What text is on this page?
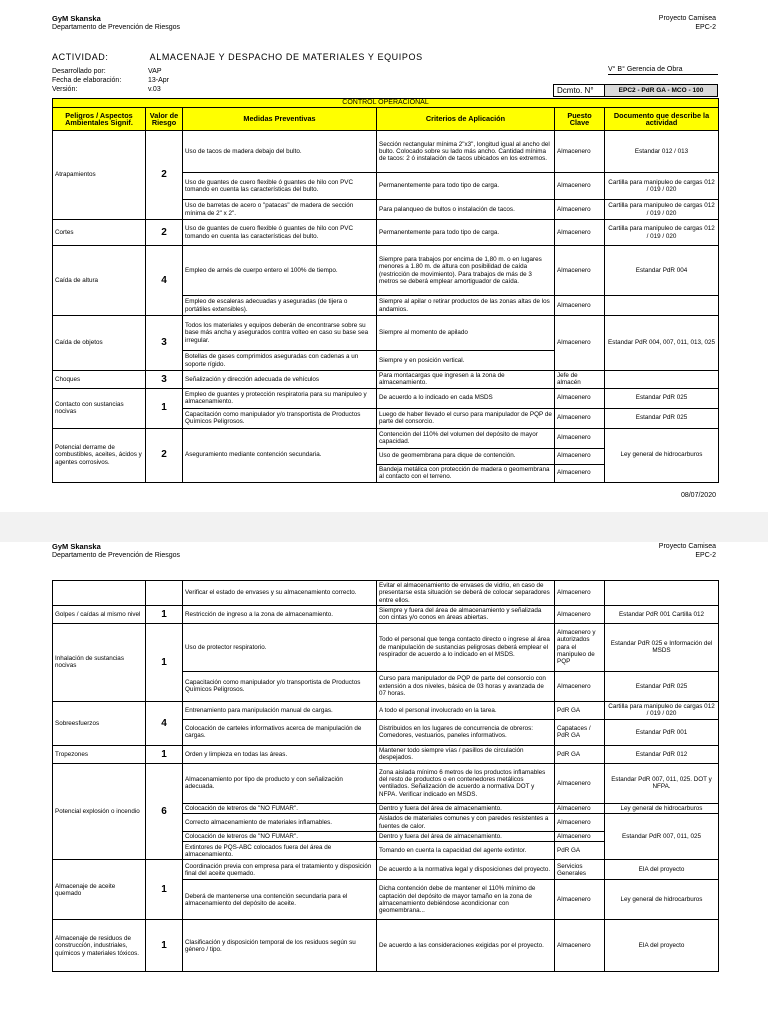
GyM Skanska
Departamento de Prevención de Riesgos
Proyecto Camisea
EPC-2
ACTIVIDAD:	ALMACENAJE Y DESPACHO DE MATERIALES Y EQUIPOS
Desarrollado por:	VAP
Fecha de elaboración:	13-Apr
Versión:	v.03
V° B° Gerencia de Obra
Dcmto. N°	EPC2 - PdR GA - MCO - 100
CONTROL OPERACIONAL					
Peligros / Aspectos Ambientales Signif.	Valor de Riesgo	Medidas Preventivas	Criterios de Aplicación	Puesto Clave	Documento que describe la actividad
Atrapamientos	2	Uso de tacos de madera debajo del bulto.	Sección rectangular mínima 2"x3", longitud igual al ancho del bulto. Colocado sobre su lado más ancho. Cantidad mínima de tacos: 2 ó instalación de tacos ubicados en los extremos.	Almacenero	Estandar 012 / 013
		Uso de guantes de cuero flexible ó guantes de hilo con PVC tomando en cuenta las características del bulto.	Permanentemente para todo tipo de carga.	Almacenero	Cartilla para manipuleo de cargas 012 / 019 / 020
		Uso de barretas de acero o "patacas" de madera de sección mínima de 2" x 2".	Para palanqueo de bultos o instalación de tacos.	Almacenero	Cartilla para manipuleo de cargas 012 / 019 / 020
Cortes	2	Uso de guantes de cuero flexible ó guantes de hilo con PVC tomando en cuenta las características del bulto.	Permanentemente para todo tipo de carga.	Almacenero	Cartilla para manipuleo de cargas 012 / 019 / 020
Caída de altura	4	Empleo de arnés de cuerpo entero el 100% de tiempo.	Siempre para trabajos por encima de 1,80 m. o en lugares menores a 1.80 m. de altura con posibilidad de caída (restricción de movimiento). Para trabajos de más de 3 metros se deberá emplear amortiguador de caída.	Almacenero	Estandar PdR 004
		Empleo de escaleras adecuadas y aseguradas (de tijera o portátiles extensibles).	Siempre al apilar o retirar productos de las zonas altas de los andamios.	Almacenero	
Caída de objetos	3	Todos los materiales y equipos deberán de encontrarse sobre su base más ancha y asegurados contra volteo en caso su base sea irregular.	Siempre al momento de apilado	Almacenero	Estandar PdR 004, 007, 011, 013, 025
		Botellas de gases comprimidos aseguradas con cadenas a un soporte rígido.	Siempre y en posición vertical.		
Choques	3	Señalización y dirección adecuada de vehículos	Para montacargas que ingresen a la zona de almacenamiento.	Jefe de almacén	
Contacto con sustancias nocivas	1	Empleo de guantes y protección respiratoria para su manipuleo y almacenamiento.	De acuerdo a lo indicado en cada MSDS	Almacenero	Estandar PdR 025
		Capacitación como manipulador y/o transportista de Productos Químicos Peligrosos.	Luego de haber llevado el curso para manipulador de PQP de parte del consorcio.	Almacenero	Estandar PdR 025
Potencial derrame de combustibles, aceites, ácidos y agentes corrosivos.	2	Aseguramiento mediante contención secundaria.	Contención del 110% del volumen del depósito de mayor capacidad.	Almacenero	Ley general de hidrocarburos
			Uso de geomembrana para dique de contención.	Almacenero	
			Bandeja metálica con protección de madera o geomembrana al contacto con el terreno.	Almacenero	
08/07/2020
GyM Skanska
Departamento de Prevención de Riesgos
Proyecto Camisea
EPC-2
		Verificar el estado de envases y su almacenamiento correcto.	Evitar el almacenamiento de envases de vidrio, en caso de presentarse esta situación se deberá de colocar separadores entre ellos.	Almacenero	
Golpes / caídas al mismo nivel	1	Restricción de ingreso a la zona de almacenamiento.	Siempre y fuera del área de almacenamiento y señalizada con cintas y/o conos en áreas abiertas.	Almacenero	Estandar PdR 001 Cartilla 012
Inhalación de sustancias nocivas	1	Uso de protector respiratorio.	Todo el personal que tenga contacto directo o ingrese al área de manipulación de sustancias peligrosas deberá emplear el respirador de acuerdo a lo indicado en el MSDS.	Almacenero y autorizados para el manipuleo de PQP	Estandar PdR 025 e Información del MSDS
		Capacitación como manipulador y/o transportista de Productos Químicos Peligrosos.	Curso para manipulador de PQP de parte del consorcio con extensión a dos niveles, básica de 03 horas y avanzada de 07 horas.	Almacenero	Estandar PdR 025
Sobreesfuerzos	4	Entrenamiento para manipulación manual de cargas.	A todo el personal involucrado en la tarea.	PdR GA	Cartilla para manipuleo de cargas 012 / 019 / 020
		Colocación de carteles informativos acerca de manipulación de cargas.	Distribuidos en los lugares de concurrencia de obreros: Comedores, vestuarios, paneles informativos.	Capataces / PdR GA	Estandar PdR 001
Tropezones	1	Orden y limpieza en todas las áreas.	Mantener todo siempre vías / pasillos de circulación despejados.	PdR GA	Estandar PdR 012
Potencial explosión o incendio	6	Almacenamiento por tipo de producto y con señalización adecuada.	Zona aislada mínimo 6 metros de los productos inflamables del resto de productos o en contenedores metálicos ventilados. Señalización de acuerdo a normativa DOT y NFPA. Verificar indicado en MSDS.	Almacenero	Estandar PdR 007, 011, 025. DOT y NFPA.
		Colocación de letreros de "NO FUMAR".	Dentro y fuera del área de almacenamiento.	Almacenero	Ley general de hidrocarburos
		Correcto almacenamiento de materiales inflamables.	Aislados de materiales comunes y con paredes resistentes a fuentes de calor.	Almacenero	Estandar PdR 007, 011, 025
		Colocación de letreros de "NO FUMAR".	Dentro y fuera del área de almacenamiento.	Almacenero	
		Extintores de PQS-ABC colocados fuera del área de almacenamiento.	Tomando en cuenta la capacidad del agente extintor.	PdR GA	
Almacenaje de aceite quemado	1	Coordinación previa con empresa para el tratamiento y disposición final del aceite quemado.	De acuerdo a la normativa legal y disposiciones del proyecto.	Servicios Generales	EIA del proyecto
		Deberá de mantenerse una contención secundaria para el almacenamiento del depósito de aceite.	Dicha contención debe de mantener el 110% mínimo de captación del depósito de mayor tamaño en la zona de almacenamiento debiéndose acondicionar con geomembrana...	Almacenero	Ley general de hidrocarburos
Almacenaje de residuos de construcción, industriales, químicos y materiales tóxicos.	1	Clasificación y disposición temporal de los residuos según su género / tipo.	De acuerdo a las consideraciones exigidas por el proyecto.	Almacenero	EIA del proyecto
